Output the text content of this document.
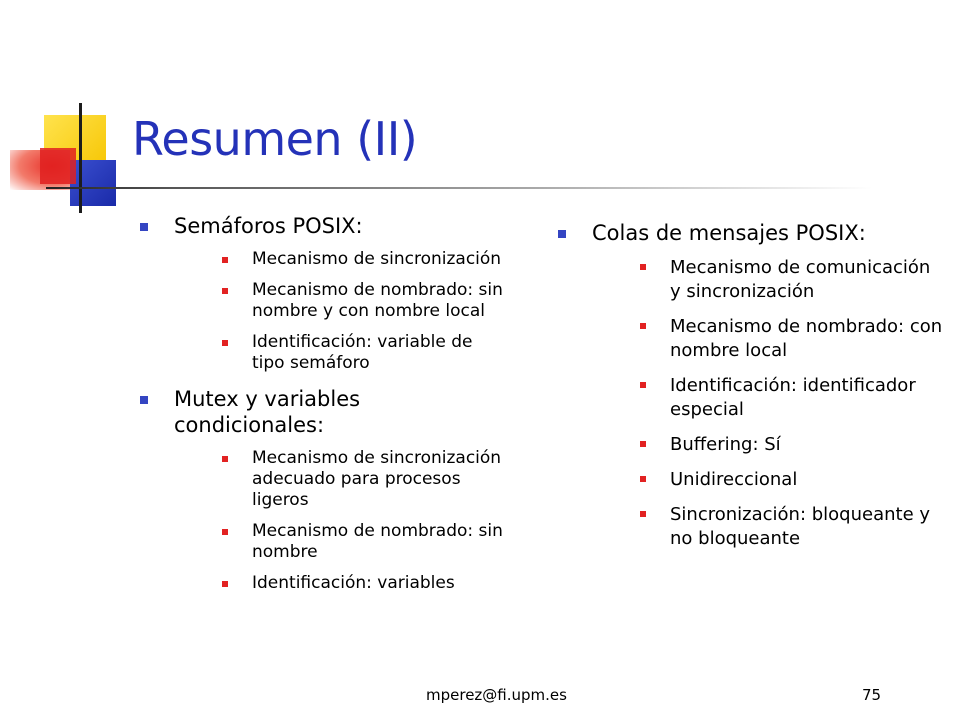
Resumen (II)
Semáforos POSIX:
Mecanismo de sincronización
Mecanismo de nombrado: sin nombre y con nombre local
Identificación: variable de tipo semáforo
Mutex y variables condicionales:
Mecanismo de sincronización adecuado para procesos ligeros
Mecanismo de nombrado: sin nombre
Identificación: variables
Colas de mensajes POSIX:
Mecanismo de comunicación y sincronización
Mecanismo de nombrado: con nombre local
Identificación: identificador especial
Buffering: Sí
Unidireccional
Sincronización: bloqueante y no bloqueante
mperez@fi.upm.es	75
